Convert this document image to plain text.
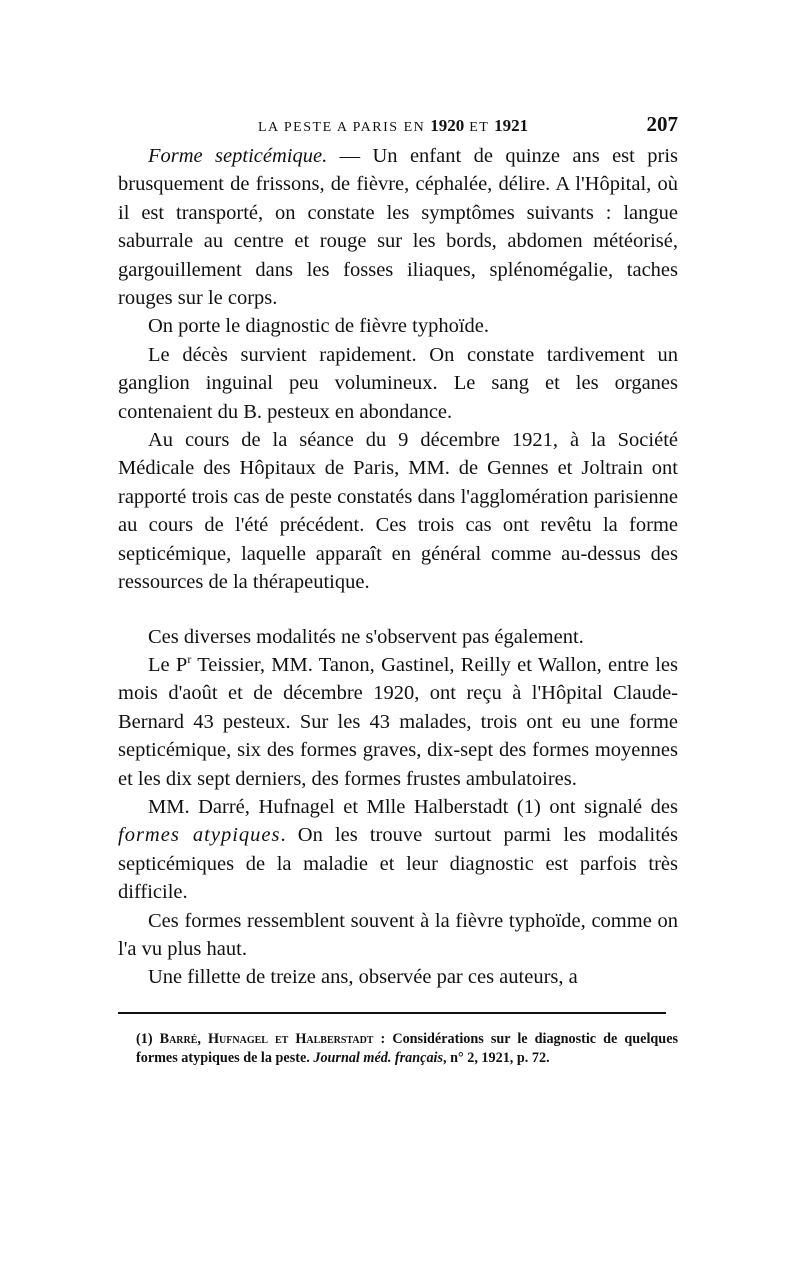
LA PESTE A PARIS EN 1920 ET 1921	207

Forme septicémique. — Un enfant de quinze ans est pris brusquement de frissons, de fièvre, céphalée, délire. A l'Hôpital, où il est transporté, on constate les symptômes suivants : langue saburrale au centre et rouge sur les bords, abdomen météorisé, gargouillement dans les fosses iliaques, splénomégalie, taches rouges sur le corps.

On porte le diagnostic de fièvre typhoïde.

Le décès survient rapidement. On constate tardivement un ganglion inguinal peu volumineux. Le sang et les organes contenaient du B. pesteux en abondance.

Au cours de la séance du 9 décembre 1921, à la Société Médicale des Hôpitaux de Paris, MM. de Gennes et Joltrain ont rapporté trois cas de peste constatés dans l'agglomération parisienne au cours de l'été précédent. Ces trois cas ont revêtu la forme septicémique, laquelle apparaît en général comme au-dessus des ressources de la thérapeutique.

Ces diverses modalités ne s'observent pas également.

Le $P^r$ Teissier, MM. Tanon, Gastinel, Reilly et Wallon, entre les mois d'août et de décembre 1920, ont reçu à l'Hôpital Claude-Bernard 43 pesteux. Sur les 43 malades, trois ont eu une forme septicémique, six des formes graves, dix-sept des formes moyennes et les dix sept derniers, des formes frustes ambulatoires.

MM. Darré, Hufnagel et Mlle Halberstadt (1) ont signalé des formes atypiques. On les trouve surtout parmi les modalités septicémiques de la maladie et leur diagnostic est parfois très difficile.

Ces formes ressemblent souvent à la fièvre typhoïde, comme on l'a vu plus haut.

Une fillette de treize ans, observée par ces auteurs, a

(1) Barré, Hufnagel et Halberstadt : Considérations sur le diagnostic de quelques formes atypiques de la peste. Journal méd. français, n° 2, 1921, p. 72.
